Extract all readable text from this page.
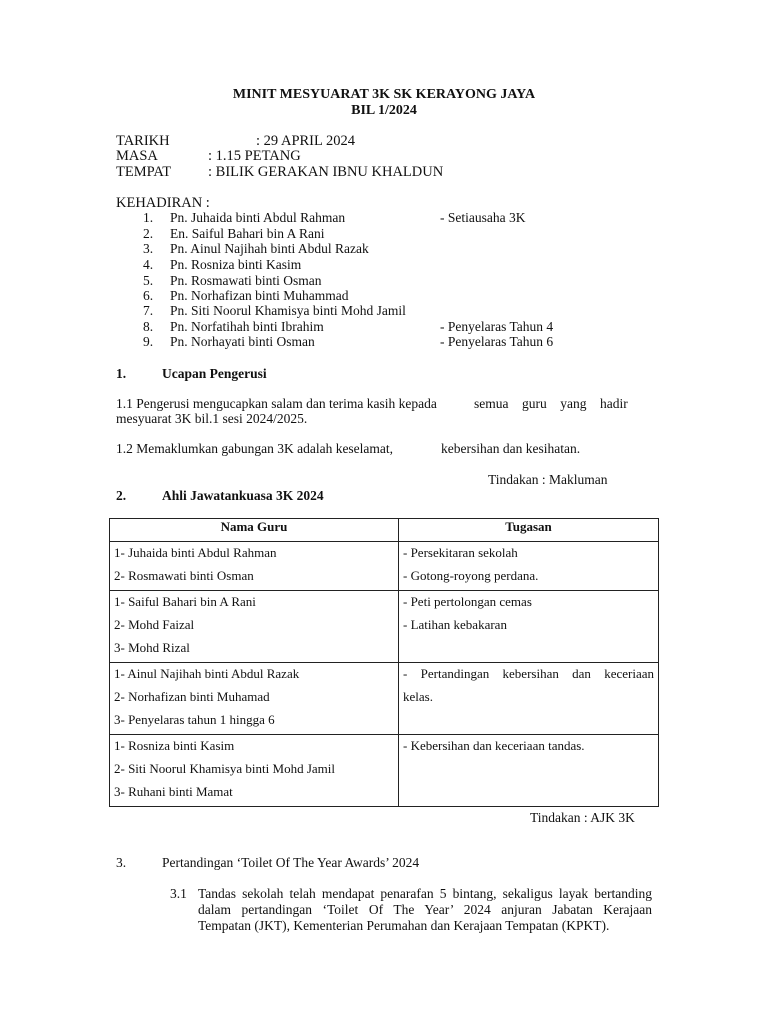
MINIT MESYUARAT 3K SK KERAYONG JAYA
BIL 1/2024
TARIKH	: 29 APRIL 2024
MASA	: 1.15 PETANG
TEMPAT	: BILIK GERAKAN IBNU KHALDUN
KEHADIRAN :
1. Pn. Juhaida binti Abdul Rahman	- Setiausaha 3K
2. En. Saiful Bahari bin A Rani
3. Pn. Ainul Najihah binti Abdul Razak
4. Pn. Rosniza binti Kasim
5. Pn. Rosmawati binti Osman
6. Pn. Norhafizan binti Muhammad
7. Pn. Siti Noorul Khamisya binti Mohd Jamil
8. Pn. Norfatihah binti Ibrahim	- Penyelaras Tahun 4
9. Pn. Norhayati binti Osman	- Penyelaras Tahun 6
1.	Ucapan Pengerusi
1.1 Pengerusi mengucapkan salam dan terima kasih kepada           semua    guru    yang    hadir
mesyuarat 3K bil.1 sesi 2024/2025.
1.2 Memaklumkan gabungan 3K adalah keselamat,	kebersihan dan kesihatan.
Tindakan : Makluman
2.	Ahli Jawatankuasa 3K 2024
Nama Guru	Tugasan

1- Juhaida binti Abdul Rahman
2- Rosmawati binti Osman	- Persekitaran sekolah
- Gotong-royong perdana.

1- Saiful Bahari bin A Rani
2- Mohd Faizal
3- Mohd Rizal	- Peti pertolongan cemas
- Latihan kebakaran

1- Ainul Najihah binti Abdul Razak
2- Norhafizan binti Muhamad
3- Penyelaras tahun 1 hingga 6	- Pertandingan kebersihan dan keceriaan
kelas.

1- Rosniza binti Kasim
2- Siti Noorul Khamisya binti Mohd Jamil
3- Ruhani binti Mamat	- Kebersihan dan keceriaan tandas.
Tindakan : AJK 3K
3.	Pertandingan ‘Toilet Of The Year Awards’ 2024
3.1 Tandas sekolah telah mendapat penarafan 5 bintang, sekaligus layak bertanding
dalam pertandingan ‘Toilet Of The Year’ 2024 anjuran Jabatan Kerajaan
Tempatan (JKT), Kementerian Perumahan dan Kerajaan Tempatan (KPKT).
